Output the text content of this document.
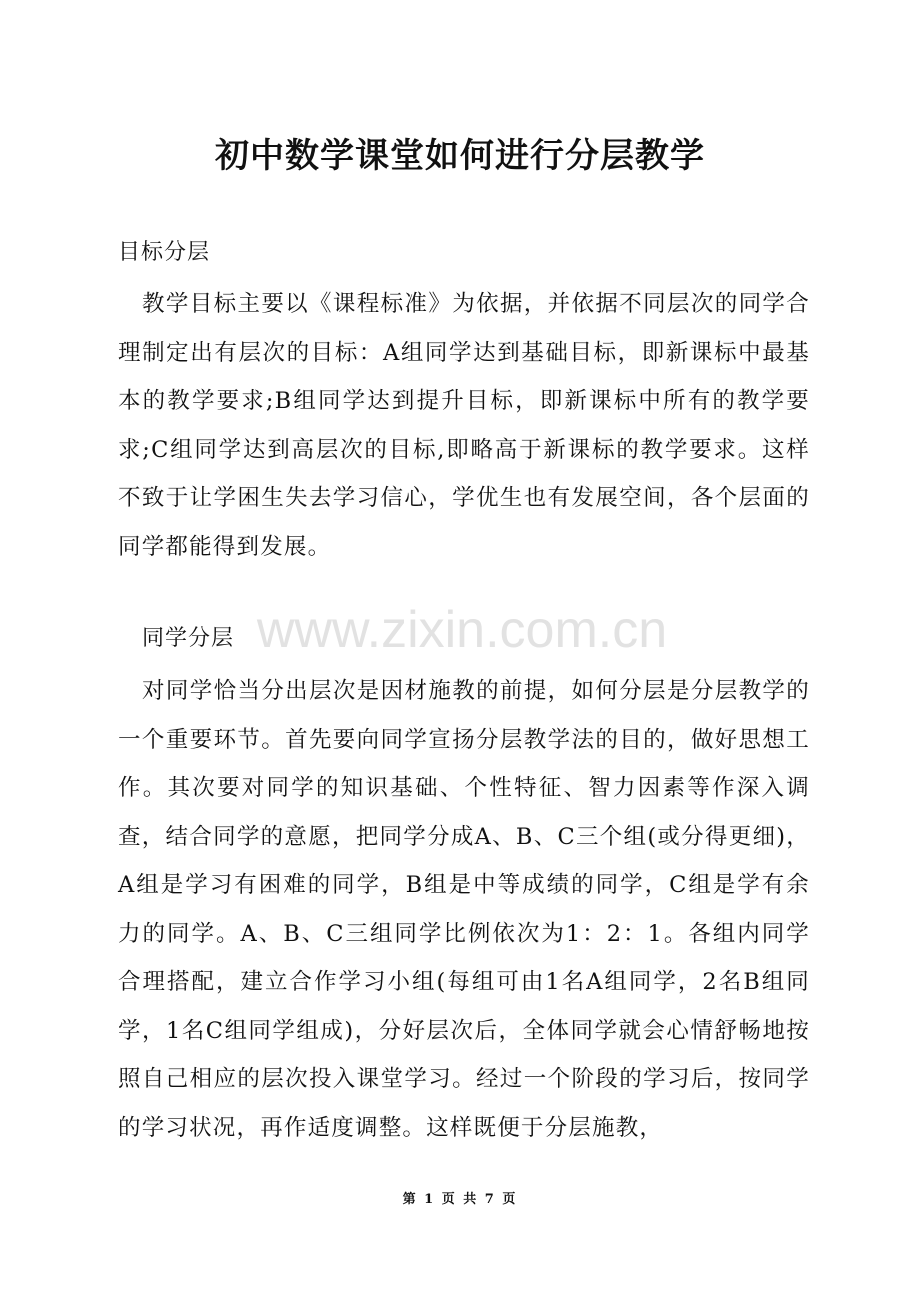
www.zixin.com.cn
初中数学课堂如何进行分层教学
目标分层

教学目标主要以《课程标准》为依据，并依据不同层次的同学合理制定出有层次的目标：A组同学达到基础目标，即新课标中最基本的教学要求;B组同学达到提升目标，即新课标中所有的教学要求;C组同学达到高层次的目标,即略高于新课标的教学要求。这样不致于让学困生失去学习信心，学优生也有发展空间，各个层面的同学都能得到发展。

同学分层

对同学恰当分出层次是因材施教的前提，如何分层是分层教学的一个重要环节。首先要向同学宣扬分层教学法的目的，做好思想工作。其次要对同学的知识基础、个性特征、智力因素等作深入调查，结合同学的意愿，把同学分成A、B、C三个组(或分得更细)，A组是学习有困难的同学，B组是中等成绩的同学，C组是学有余力的同学。A、B、C三组同学比例依次为1：2：1。各组内同学合理搭配，建立合作学习小组(每组可由1名A组同学，2名B组同学，1名C组同学组成)，分好层次后，全体同学就会心情舒畅地按照自己相应的层次投入课堂学习。经过一个阶段的学习后，按同学的学习状况，再作适度调整。这样既便于分层施教，

第 1 页 共 7 页
